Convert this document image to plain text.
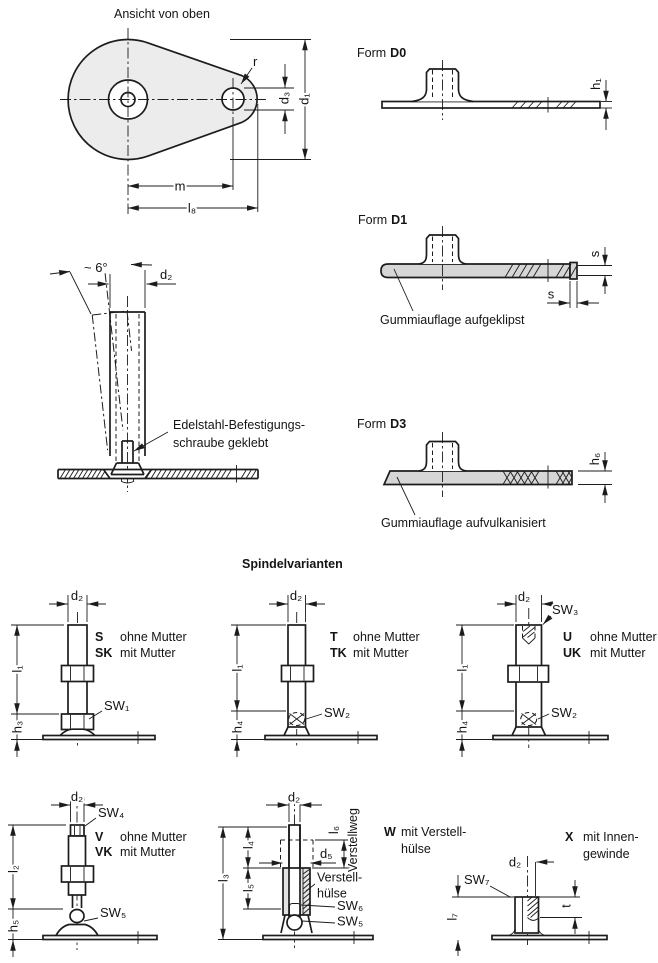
Ansicht von oben
d₁
d₃
r
m
l₈
Form D0
h₁
Form D1
s
s
Gummiauflage aufgeklipst
Form D3
h₆
Gummiauflage aufvulkanisiert
~ 6°	d₂
Edelstahl-Befestigungs-
schraube geklebt
Spindelvarianten
d₂
l₁
h₃
SW₁
S ohne Mutter
SK mit Mutter
d₂
l₁
h₄
SW₂
T ohne Mutter
TK mit Mutter
d₂
SW₃
l₁
h₄
SW₂
U ohne Mutter
UK mit Mutter
d₂
SW₄
l₂
h₅
SW₅
V ohne Mutter
VK mit Mutter
d₂
l₃
l₄
l₅
l₆ Verstellweg
d₅
Verstell-
hülse
SW₆
SW₅
W mit Verstell-
hülse
d₂
t
l₇
SW₇
X mit Innen-
gewinde
